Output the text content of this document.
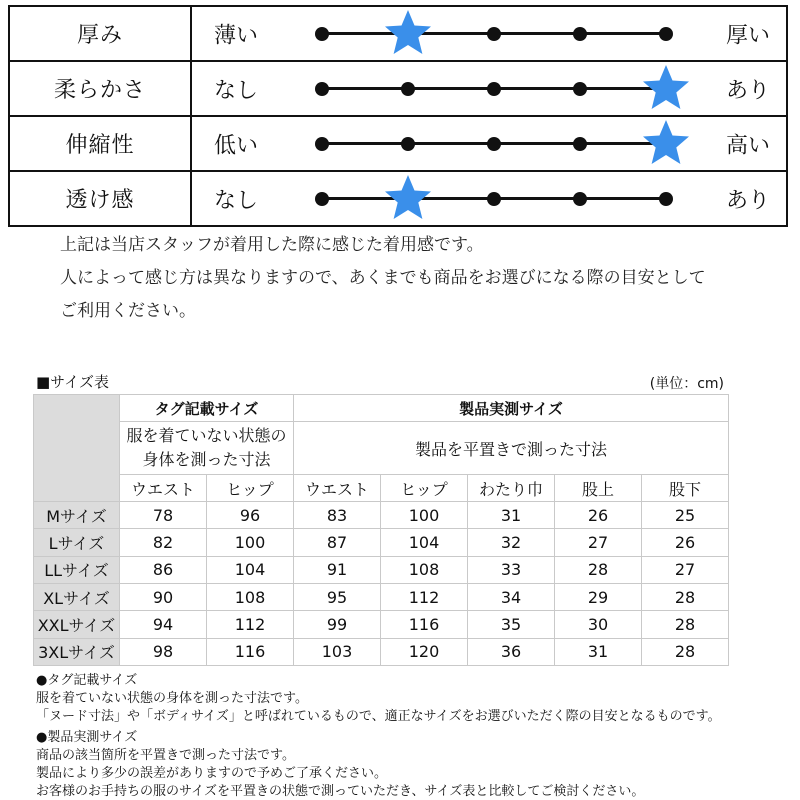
厚み	薄い 厚い

柔らかさ	なし あり

伸縮性	低い 高い

透け感	なし あり
上記は当店スタッフが着用した際に感じた着用感です。
人によって感じ方は異なりますので、あくまでも商品をお選びになる際の目安として
ご利用ください。
■サイズ表	(単位：cm)
	タグ記載サイズ		製品実測サイズ				

	服を着ていない状態の
身体を測った寸法		製品を平置きで測った寸法				
	ウエスト	ヒップ	ウエスト	ヒップ	わたり巾	股上	股下
Mサイズ	78	96	83	100	31	26	25
Lサイズ	82	100	87	104	32	27	26
LLサイズ	86	104	91	108	33	28	27
XLサイズ	90	108	95	112	34	29	28
XXLサイズ	94	112	99	116	35	30	28
3XLサイズ	98	116	103	120	36	31	28
●タグ記載サイズ
服を着ていない状態の身体を測った寸法です。
「ヌード寸法」や「ボディサイズ」と呼ばれているもので、適正なサイズをお選びいただく際の目安となるものです。
●製品実測サイズ
商品の該当箇所を平置きで測った寸法です。
製品により多少の誤差がありますので予めご了承ください。
お客様のお手持ちの服のサイズを平置きの状態で測っていただき、サイズ表と比較してご検討ください。
